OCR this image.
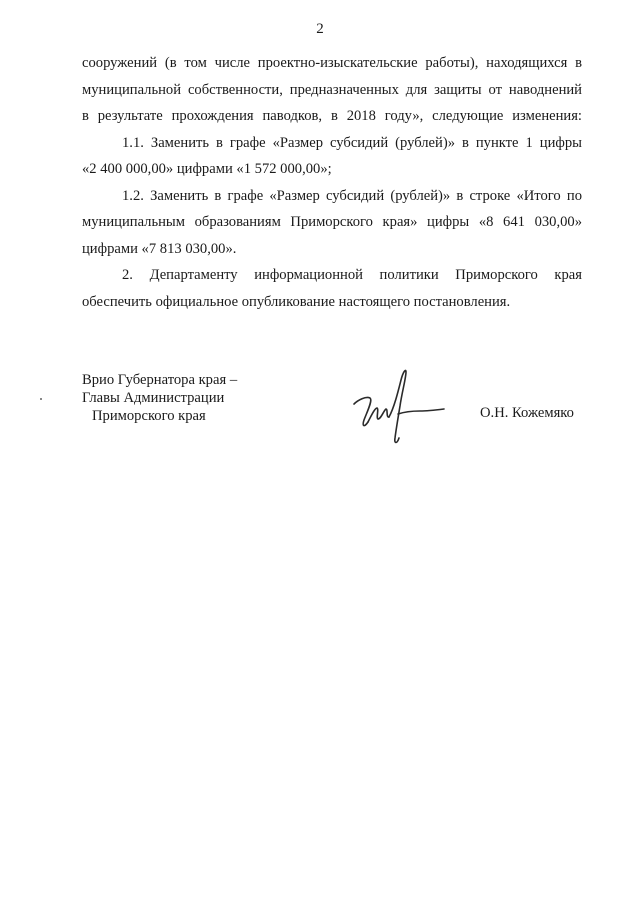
2
сооружений (в том числе проектно-изыскательские работы), находящихся в
муниципальной собственности, предназначенных для защиты от наводнений
в результате прохождения паводков, в 2018 году», следующие изменения:
1.1. Заменить в графе «Размер субсидий (рублей)» в пункте 1 цифры
«2 400 000,00» цифрами «1 572 000,00»;
1.2. Заменить в графе «Размер субсидий (рублей)» в строке «Итого по
муниципальным образованиям Приморского края» цифры «8 641 030,00»
цифрами «7 813 030,00».
2. Департаменту информационной политики Приморского края
обеспечить официальное опубликование настоящего постановления.
Врио Губернатора края –
Главы Администрации
Приморского края	О.Н. Кожемяко
